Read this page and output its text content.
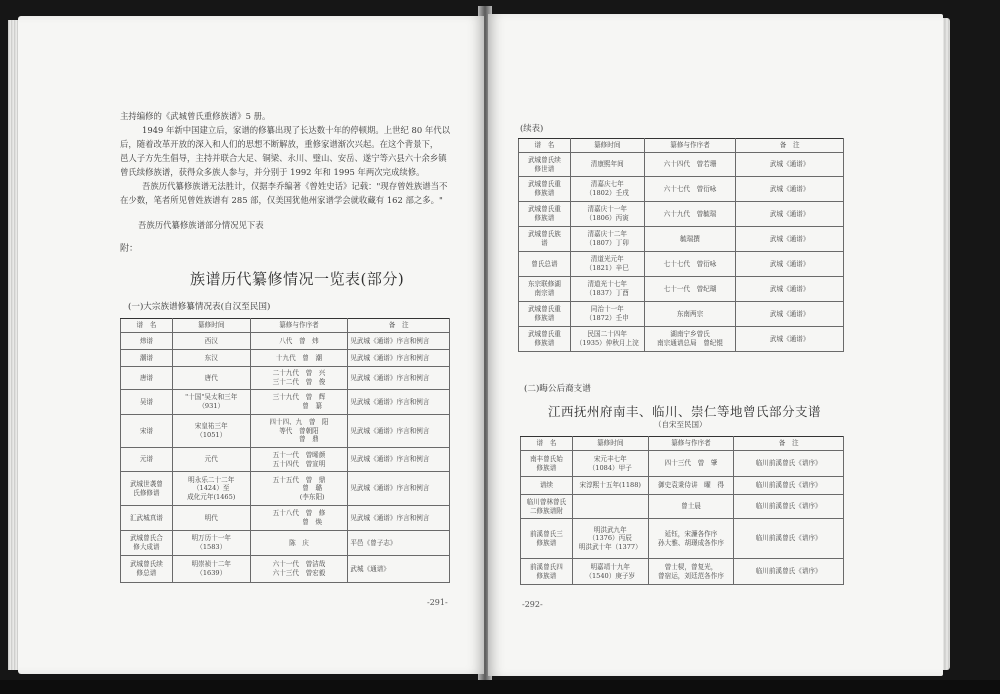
主持编修的《武城曾氏重修族谱》5 册。
1949 年新中国建立后，家谱的修纂出现了长达数十年的停顿期。上世纪 80 年代以
后，随着改革开放的深入和人们的思想不断解放，重修家谱渐次兴起。在这个背景下，
邑人子方先生倡导，主持并联合大足、铜梁、永川、璧山、安岳、遂宁等六县六十余乡镇
曾氏续修族谱，获得众多族人参与，并分别于 1992 年和 1995 年两次完成续修。
吾族历代纂修族谱无法胜计，仅据李乔编著《曾姓史话》记载："现存曾姓族谱当不
在少数，笔者所见曾姓族谱有 285 部，仅美国犹他州家谱学会就收藏有 162 部之多。"
吾族历代纂修族谱部分情况见下表
附：
族谱历代纂修情况一览表(部分)
(一)大宗族谱修纂情况表(自汉至民国)
谱　名	纂修时间	纂修与作序者	备　注
炜谱	西汉	八代　曾　炜	见武城《通谱》序言和例言
潮谱	东汉	十九代　曾　潮	见武城《通谱》序言和例言
唐谱	唐代	二十九代　曾　兴
三十二代　曾　俊	见武城《通谱》序言和例言
吴谱	"十国"吴太和三年
（931）	三十九代　曾　辉
　　　　曾　纂	见武城《通谱》序言和例言
宋谱	宋皇祐三年
（1051）	四十四、九　曾　阳
等代　曾朝阳
　　　曾　鼎	见武城《通谱》序言和例言
元谱	元代	五十一代　曾晞颜
五十四代　曾宣明	见武城《通谱》序言和例言
武城世袭曾
氏修修谱	明永乐二十二年
（1424）至
成化元年(1465)	五十五代　曾　鼎
　　　　曾　璐
　　　　(李东阳)	见武城《通谱》序言和例言
汇武城真谱	明代	五十八代　曾　修
　　　　曾　焕	见武城《通谱》序言和例言
武城曾氏合
修大成谱	明万历十一年
（1583）	陈　庆	平邑《曾子志》
武城曾氏续
修总谱	明崇祯十二年
（1639）	六十一代　曾洁哉
六十三代　曾宏毅	武城《通谱》
-291-
(续表)
谱　名	纂修时间	纂修与作序者	备　注
武城曾氏续
修世谱	清康熙年间	六十四代　曾若珊	武城《通谱》
武城曾氏重
修族谱	清嘉庆七年
（1802）壬戌	六十七代　曾衍咏	武城《通谱》
武城曾氏重
修族谱	清嘉庆十一年
（1806）丙寅	六十九代　曾毓瑞	武城《通谱》
武城曾氏族
谱	清嘉庆十二年
（1807）丁卯	毓瑞撰	武城《通谱》
曾氏总谱	清道光元年
（1821）辛巳	七十七代　曾衍咏	武城《通谱》
东宗联修湖
南宗谱	清道光十七年
（1837）丁酉	七十一代　曾纪瑚	武城《通谱》
武城曾氏重
修族谱	同治十一年
（1872）壬申	东南两宗	武城《通谱》
武城曾氏重
修族谱	民国二十四年
（1935）仲秋月上浣	湖南宁乡曾氏
南宗通谱总局　曾纪锟	武城《通谱》
(二)晦公后裔支谱
江西抚州府南丰、临川、崇仁等地曾氏部分支谱
（自宋至民国）
谱　名	纂修时间	纂修与作序者	备　注
南丰曾氏始
修族谱	宋元丰七年
（1084）甲子	四十三代　曾　肇	临川前溪曾氏《谱序》
谱续	宋淳熙十五年(1188)	御史袁秉侍讲　曜　得	临川前溪曾氏《谱序》
临川曾林曾氏
二修族谱附		曾士晨	临川前溪曾氏《谱序》
前溪曾氏三
修族谱	明洪武九年
（1376）丙辰
明洪武十年（1377）	延钰，宋濂各作序
孙大雅、胡璟成各作序	临川前溪曾氏《谱序》
前溪曾氏四
修族谱	明嘉靖十九年
（1540）庚子岁	曾士棂，曾复光，
曾宿运，刘廷范各作序	临川前溪曾氏《谱序》
-292-
